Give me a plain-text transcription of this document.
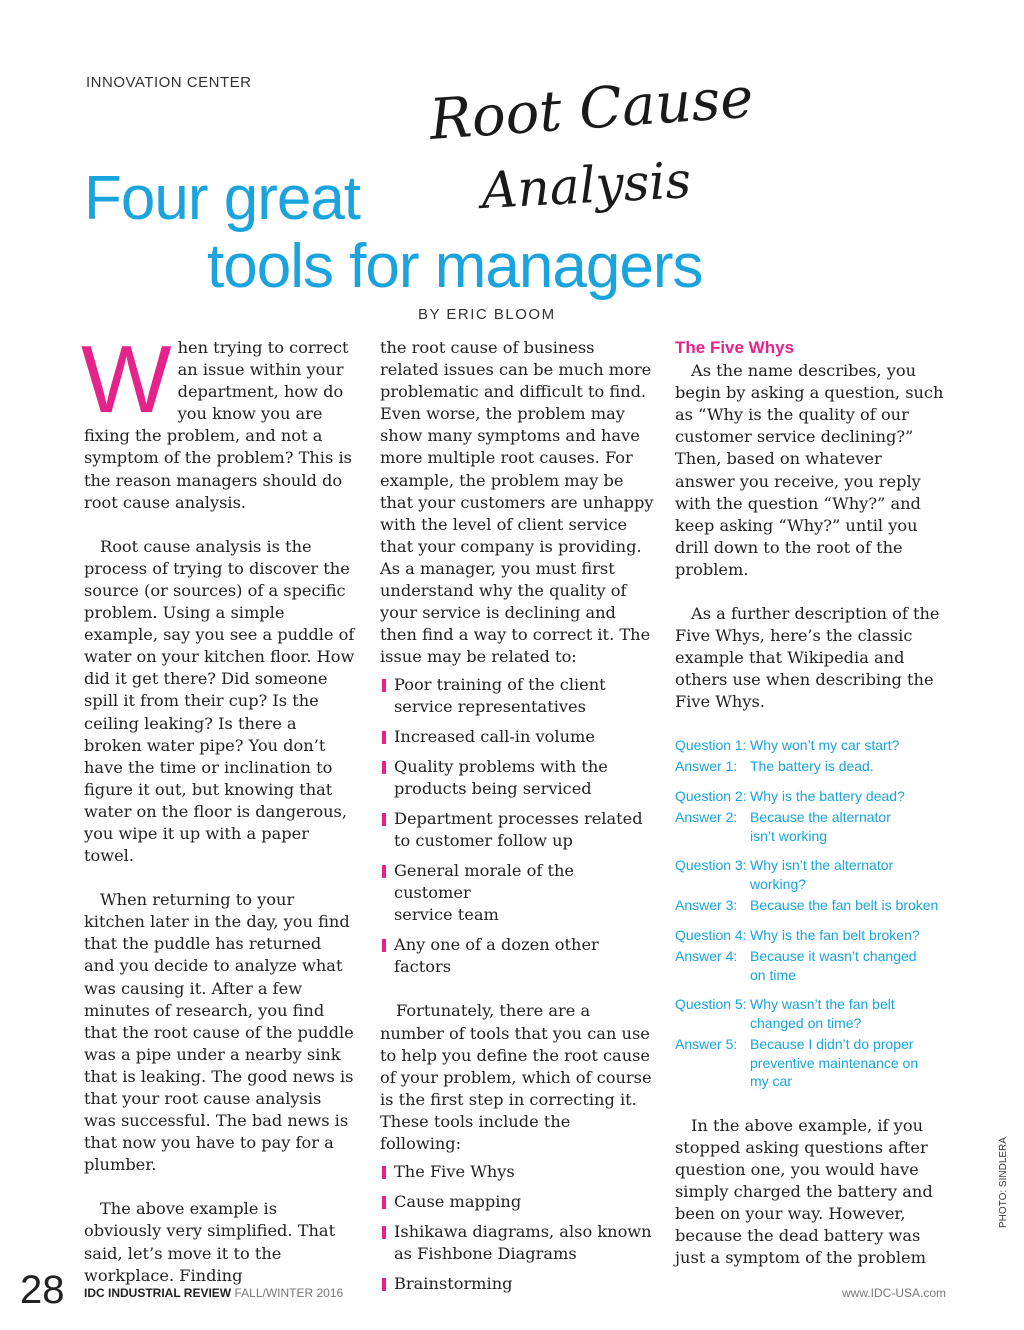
INNOVATION CENTER	Root Cause
Analysis
Four great
tools for managers
BY ERIC BLOOM

When trying to correct an issue within your department, how do you know you are fixing the problem, and not a symptom of the problem? This is the reason managers should do root cause analysis.

Root cause analysis is the process of trying to discover the source (or sources) of a specific problem. Using a simple example, say you see a puddle of water on your kitchen floor. How did it get there? Did someone spill it from their cup? Is the ceiling leaking? Is there a broken water pipe? You don’t have the time or inclination to figure it out, but knowing that water on the floor is dangerous, you wipe it up with a paper towel.

When returning to your kitchen later in the day, you find that the puddle has returned and you decide to analyze what was causing it. After a few minutes of research, you find that the root cause of the puddle was a pipe under a nearby sink that is leaking. The good news is that your root cause analysis was successful. The bad news is that now you have to pay for a plumber.

The above example is obviously very simplified. That said, let’s move it to the workplace. Finding

the root cause of business related issues can be much more problematic and difficult to find. Even worse, the problem may show many symptoms and have more multiple root causes. For example, the problem may be that your customers are unhappy with the level of client service that your company is providing. As a manager, you must first understand why the quality of your service is declining and then find a way to correct it. The issue may be related to:

Poor training of the client
service representatives
Increased call-in volume
Quality problems with the
products being serviced
Department processes related
to customer follow up
General morale of the customer
service team
Any one of a dozen other
factors

Fortunately, there are a number of tools that you can use to help you define the root cause of your problem, which of course is the first step in correcting it. These tools include the following:

The Five Whys
Cause mapping
Ishikawa diagrams, also known
as Fishbone Diagrams
Brainstorming
The Five Whys

As the name describes, you begin by asking a question, such as “Why is the quality of our customer service declining?” Then, based on whatever answer you receive, you reply with the question “Why?” and keep asking “Why?” until you drill down to the root of the problem.

As a further description of the Five Whys, here’s the classic example that Wikipedia and others use when describing the Five Whys.

Question 1: Why won’t my car start?
Answer 1: The battery is dead.
Question 2: Why is the battery dead?
Answer 2: Because the alternator isn’t working
Question 3: Why isn’t the alternator working?
Answer 3: Because the fan belt is broken
Question 4: Why is the fan belt broken?
Answer 4: Because it wasn’t changed on time
Question 5: Why wasn’t the fan belt changed on time?
Answer 5: Because I didn’t do proper preventive maintenance on my car

In the above example, if you stopped asking questions after question one, you would have simply charged the battery and been on your way. However, because the dead battery was just a symptom of the problem

28 IDC INDUSTRIAL REVIEW FALL/WINTER 2016	www.IDC-USA.com
PHOTO: SINDLERA
